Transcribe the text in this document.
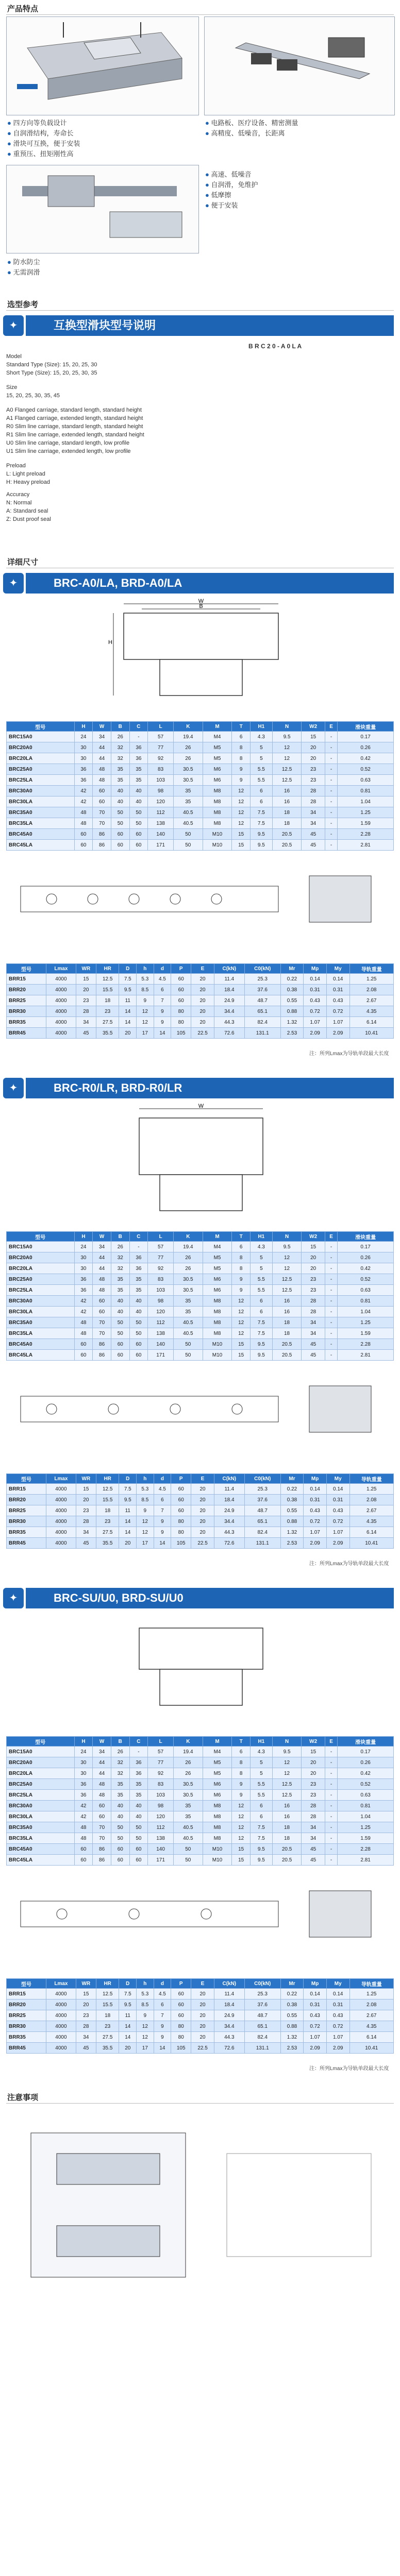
产品特点
● 四方向等负载设计
● 自润滑结构，寿命长
● 滑块可互换，便于安装
● 重预压、扭矩刚性高
● 电路板、医疗设备、精密测量
● 高精度、低噪音，长距离
● 高速、低噪音
● 自润滑，免维护
● 低摩擦
● 便于安装
● 防水防尘
● 无需润滑
选型参考
✦	互换型滑块型号说明
B R C 2 0 - A 0 L A
Model
Standard Type (Size): 15, 20, 25, 30
Short Type (Size): 15, 20, 25, 30, 35
Size
15, 20, 25, 30, 35, 45
A0 Flanged carriage, standard length, standard height
A1 Flanged carriage, extended length, standard height
R0 Slim line carriage, standard length, standard height
R1 Slim line carriage, extended length, standard height
U0 Slim line carriage, standard length, low profile
U1 Slim line carriage, extended length, low profile
Preload
L: Light preload
H: Heavy preload
Accuracy
N: Normal
A: Standard seal
Z: Dust proof seal
详细尺寸
✦	BRC-A0/LA, BRD-A0/LA
W
B
H
型号	H	W	B	C	L	K	M	T	H1	N	W2	E	滑块重量
BRC15A0	24	34	26	-	57	19.4	M4	6	4.3	9.5	15	-	0.17
BRC20A0	30	44	32	36	77	26	M5	8	5	12	20	-	0.26
BRC20LA	30	44	32	36	92	26	M5	8	5	12	20	-	0.42
BRC25A0	36	48	35	35	83	30.5	M6	9	5.5	12.5	23	-	0.52
BRC25LA	36	48	35	35	103	30.5	M6	9	5.5	12.5	23	-	0.63
BRC30A0	42	60	40	40	98	35	M8	12	6	16	28	-	0.81
BRC30LA	42	60	40	40	120	35	M8	12	6	16	28	-	1.04
BRC35A0	48	70	50	50	112	40.5	M8	12	7.5	18	34	-	1.25
BRC35LA	48	70	50	50	138	40.5	M8	12	7.5	18	34	-	1.59
BRC45A0	60	86	60	60	140	50	M10	15	9.5	20.5	45	-	2.28
BRC45LA	60	86	60	60	171	50	M10	15	9.5	20.5	45	-	2.81
型号	Lmax	WR	HR	D	h	d	P	E	C(kN)	C0(kN)	Mr	Mp	My	导轨重量
BRR15	4000	15	12.5	7.5	5.3	4.5	60	20	11.4	25.3	0.22	0.14	0.14	1.25
BRR20	4000	20	15.5	9.5	8.5	6	60	20	18.4	37.6	0.38	0.31	0.31	2.08
BRR25	4000	23	18	11	9	7	60	20	24.9	48.7	0.55	0.43	0.43	2.67
BRR30	4000	28	23	14	12	9	80	20	34.4	65.1	0.88	0.72	0.72	4.35
BRR35	4000	34	27.5	14	12	9	80	20	44.3	82.4	1.32	1.07	1.07	6.14
BRR45	4000	45	35.5	20	17	14	105	22.5	72.6	131.1	2.53	2.09	2.09	10.41
注：所列Lmax为导轨单段最大长度
✦	BRC-R0/LR, BRD-R0/LR
W
型号	H	W	B	C	L	K	M	T	H1	N	W2	E	滑块重量
BRC15A0	24	34	26	-	57	19.4	M4	6	4.3	9.5	15	-	0.17
BRC20A0	30	44	32	36	77	26	M5	8	5	12	20	-	0.26
BRC20LA	30	44	32	36	92	26	M5	8	5	12	20	-	0.42
BRC25A0	36	48	35	35	83	30.5	M6	9	5.5	12.5	23	-	0.52
BRC25LA	36	48	35	35	103	30.5	M6	9	5.5	12.5	23	-	0.63
BRC30A0	42	60	40	40	98	35	M8	12	6	16	28	-	0.81
BRC30LA	42	60	40	40	120	35	M8	12	6	16	28	-	1.04
BRC35A0	48	70	50	50	112	40.5	M8	12	7.5	18	34	-	1.25
BRC35LA	48	70	50	50	138	40.5	M8	12	7.5	18	34	-	1.59
BRC45A0	60	86	60	60	140	50	M10	15	9.5	20.5	45	-	2.28
BRC45LA	60	86	60	60	171	50	M10	15	9.5	20.5	45	-	2.81
型号	Lmax	WR	HR	D	h	d	P	E	C(kN)	C0(kN)	Mr	Mp	My	导轨重量
BRR15	4000	15	12.5	7.5	5.3	4.5	60	20	11.4	25.3	0.22	0.14	0.14	1.25
BRR20	4000	20	15.5	9.5	8.5	6	60	20	18.4	37.6	0.38	0.31	0.31	2.08
BRR25	4000	23	18	11	9	7	60	20	24.9	48.7	0.55	0.43	0.43	2.67
BRR30	4000	28	23	14	12	9	80	20	34.4	65.1	0.88	0.72	0.72	4.35
BRR35	4000	34	27.5	14	12	9	80	20	44.3	82.4	1.32	1.07	1.07	6.14
BRR45	4000	45	35.5	20	17	14	105	22.5	72.6	131.1	2.53	2.09	2.09	10.41
注：所列Lmax为导轨单段最大长度
✦	BRC-SU/U0, BRD-SU/U0
型号	H	W	B	C	L	K	M	T	H1	N	W2	E	滑块重量
BRC15A0	24	34	26	-	57	19.4	M4	6	4.3	9.5	15	-	0.17
BRC20A0	30	44	32	36	77	26	M5	8	5	12	20	-	0.26
BRC20LA	30	44	32	36	92	26	M5	8	5	12	20	-	0.42
BRC25A0	36	48	35	35	83	30.5	M6	9	5.5	12.5	23	-	0.52
BRC25LA	36	48	35	35	103	30.5	M6	9	5.5	12.5	23	-	0.63
BRC30A0	42	60	40	40	98	35	M8	12	6	16	28	-	0.81
BRC30LA	42	60	40	40	120	35	M8	12	6	16	28	-	1.04
BRC35A0	48	70	50	50	112	40.5	M8	12	7.5	18	34	-	1.25
BRC35LA	48	70	50	50	138	40.5	M8	12	7.5	18	34	-	1.59
BRC45A0	60	86	60	60	140	50	M10	15	9.5	20.5	45	-	2.28
BRC45LA	60	86	60	60	171	50	M10	15	9.5	20.5	45	-	2.81
型号	Lmax	WR	HR	D	h	d	P	E	C(kN)	C0(kN)	Mr	Mp	My	导轨重量
BRR15	4000	15	12.5	7.5	5.3	4.5	60	20	11.4	25.3	0.22	0.14	0.14	1.25
BRR20	4000	20	15.5	9.5	8.5	6	60	20	18.4	37.6	0.38	0.31	0.31	2.08
BRR25	4000	23	18	11	9	7	60	20	24.9	48.7	0.55	0.43	0.43	2.67
BRR30	4000	28	23	14	12	9	80	20	34.4	65.1	0.88	0.72	0.72	4.35
BRR35	4000	34	27.5	14	12	9	80	20	44.3	82.4	1.32	1.07	1.07	6.14
BRR45	4000	45	35.5	20	17	14	105	22.5	72.6	131.1	2.53	2.09	2.09	10.41
注：所列Lmax为导轨单段最大长度
注意事项
